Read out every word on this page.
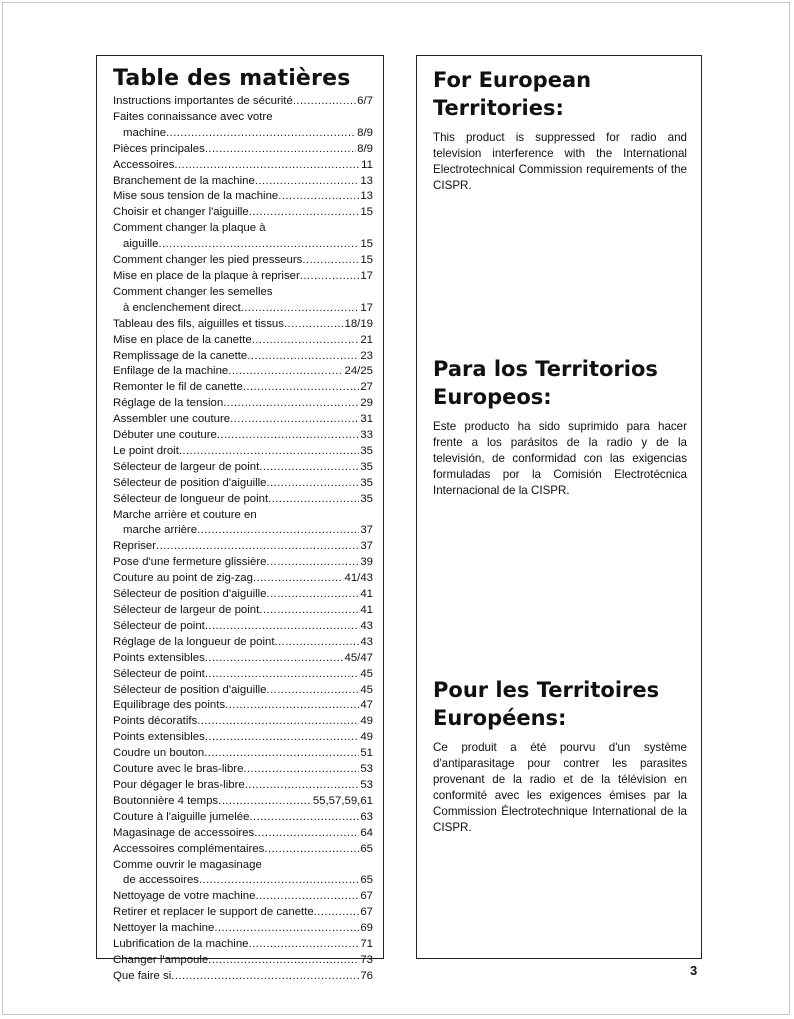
Table des matières
Instructions importantes de sécurité .....	6/7
Faites connaissance avec votre
machine .....	8/9
Pièces principales .....	8/9
Accessoires .....	11
Branchement de la machine .....	13
Mise sous tension de la machine .....	13
Choisir et changer l'aiguille .....	15
Comment changer la plaque à
aiguille .....	15
Comment changer les pied presseurs .....	15
Mise en place de la plaque à repriser .....	17
Comment changer les semelles
à enclenchement direct .....	17
Tableau des fils, aiguilles et tissus .....	18/19
Mise en place de la canette .....	21
Remplissage de la canette .....	23
Enfilage de la machine .....	24/25
Remonter le fil de canette .....	27
Réglage de la tension .....	29
Assembler une couture .....	31
Débuter une couture .....	33
Le point droit .....	35
Sélecteur de largeur de point .....	35
Sélecteur de position d'aiguille .....	35
Sélecteur de longueur de point .....	35
Marche arrière et couture en
marche arrière .....	37
Repriser .....	37
Pose d'une fermeture glissière .....	39
Couture au point de zig-zag .....	41/43
Sélecteur de position d'aiguille .....	41
Sélecteur de largeur de point .....	41
Sélecteur de point .....	43
Réglage de la longueur de point .....	43
Points extensibles .....	45/47
Sélecteur de point .....	45
Sélecteur de position d'aiguille .....	45
Equilibrage des points .....	47
Points décoratifs .....	49
Points extensibles .....	49
Coudre un bouton .....	51
Couture avec le bras-libre .....	53
Pour dégager le bras-libre .....	53
Boutonnière 4 temps .....	55,57,59,61
Couture à l'aiguille jumelée .....	63
Magasinage de accessoires .....	64
Accessoires complémentaires .....	65
Comme ouvrir le magasinage
de accessoires .....	65
Nettoyage de votre machine .....	67
Retirer et replacer le support de canette .....	67
Nettoyer la machine .....	69
Lubrification de la machine .....	71
Changer l'ampoule .....	73
Que faire si .....	76
For European Territories:

This product is suppressed for radio and television interference with the International Electrotechnical Commission requirements of the CISPR.

Para los Territorios Europeos:

Este producto ha sido suprimido para hacer frente a los parásitos de la radio y de la televisión, de conformidad con las exigencias formuladas por la Comisión Electrotécnica Internacional de la CISPR.

Pour les Territoires Européens:

Ce produit a été pourvu d'un système d'antiparasitage pour contrer les parasites provenant de la radio et de la télévision en conformité avec les exigences émises par la Commission Électrotechnique International de la CISPR.

3
